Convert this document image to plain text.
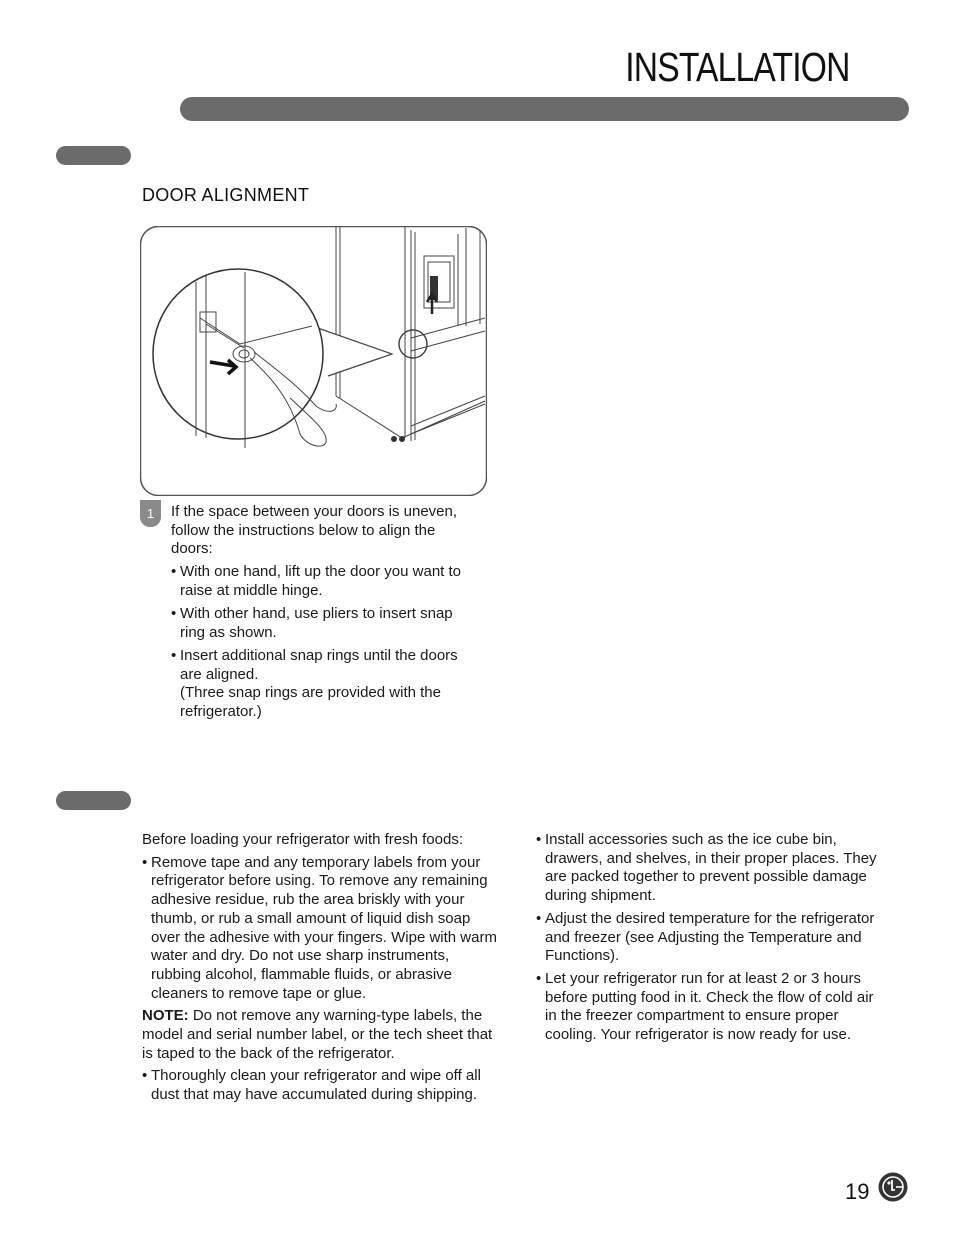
INSTALLATION
DOOR ALIGNMENT
1	If the space between your doors is uneven, follow the instructions below to align the doors:
• With one hand, lift up the door you want to raise at middle hinge.
• With other hand, use pliers to insert snap ring as shown.
• Insert additional snap rings until the doors are aligned.
(Three snap rings are provided with the refrigerator.)

Before loading your refrigerator with fresh foods:

• Remove tape and any temporary labels from your refrigerator before using. To remove any remaining adhesive residue, rub the area briskly with your thumb, or rub a small amount of liquid dish soap over the adhesive with your fingers. Wipe with warm water and dry. Do not use sharp instruments, rubbing alcohol, flammable fluids, or abrasive cleaners to remove tape or glue.

NOTE: Do not remove any warning-type labels, the model and serial number label, or the tech sheet that is taped to the back of the refrigerator.

• Thoroughly clean your refrigerator and wipe off all dust that may have accumulated during shipping.
• Install accessories such as the ice cube bin, drawers, and shelves, in their proper places. They are packed together to prevent possible damage during shipment.
• Adjust the desired temperature for the refrigerator and freezer (see Adjusting the Temperature and Functions).
• Let your refrigerator run for at least 2 or 3 hours before putting food in it. Check the flow of cold air in the freezer compartment to ensure proper cooling. Your refrigerator is now ready for use.
19
